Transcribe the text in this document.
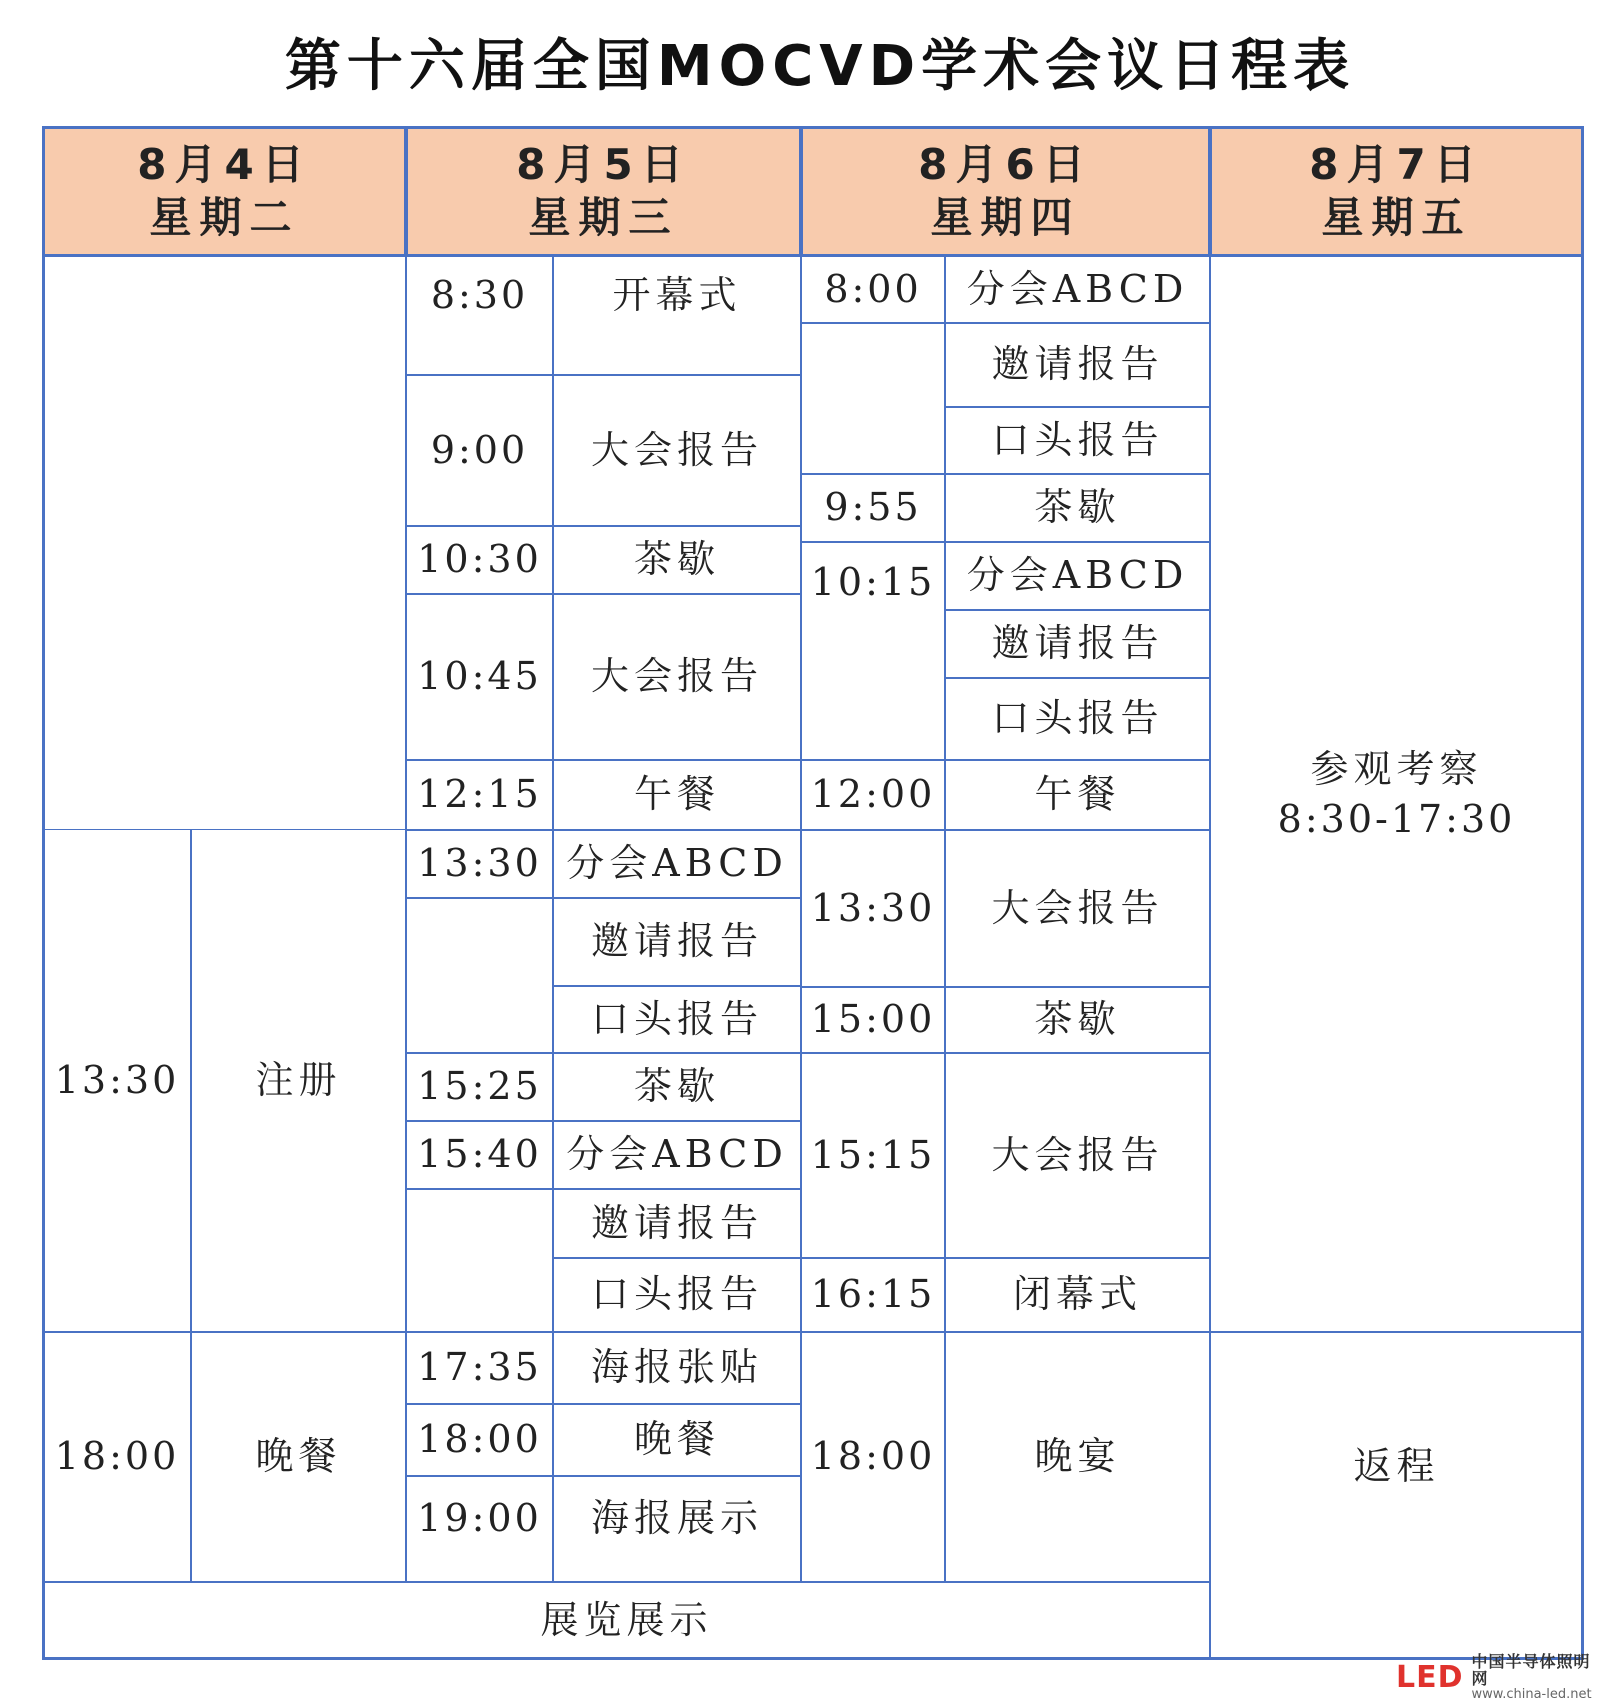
第十六届全国MOCVD学术会议日程表
8月4日
星期二
8月5日
星期三
8月6日
星期四
8月7日
星期五
13:30	注册
18:00	晚餐
8:30	开幕式
9:00	大会报告
10:30	茶歇
10:45	大会报告
12:15	午餐
13:30 分会ABCD
邀请报告
口头报告
15:25	茶歇
15:40 分会ABCD
邀请报告
口头报告
17:35	海报张贴
18:00	晚餐
19:00	海报展示
8:00	分会ABCD
邀请报告
口头报告
9:55	茶歇
10:15 分会ABCD
邀请报告
口头报告
12:00	午餐
13:30	大会报告
15:00	茶歇
15:15	大会报告
16:15	闭幕式
18:00	晚宴
参观考察
8:30-17:30
返程
展览展示
LED 中国半导体照明网
www.china-led.net
